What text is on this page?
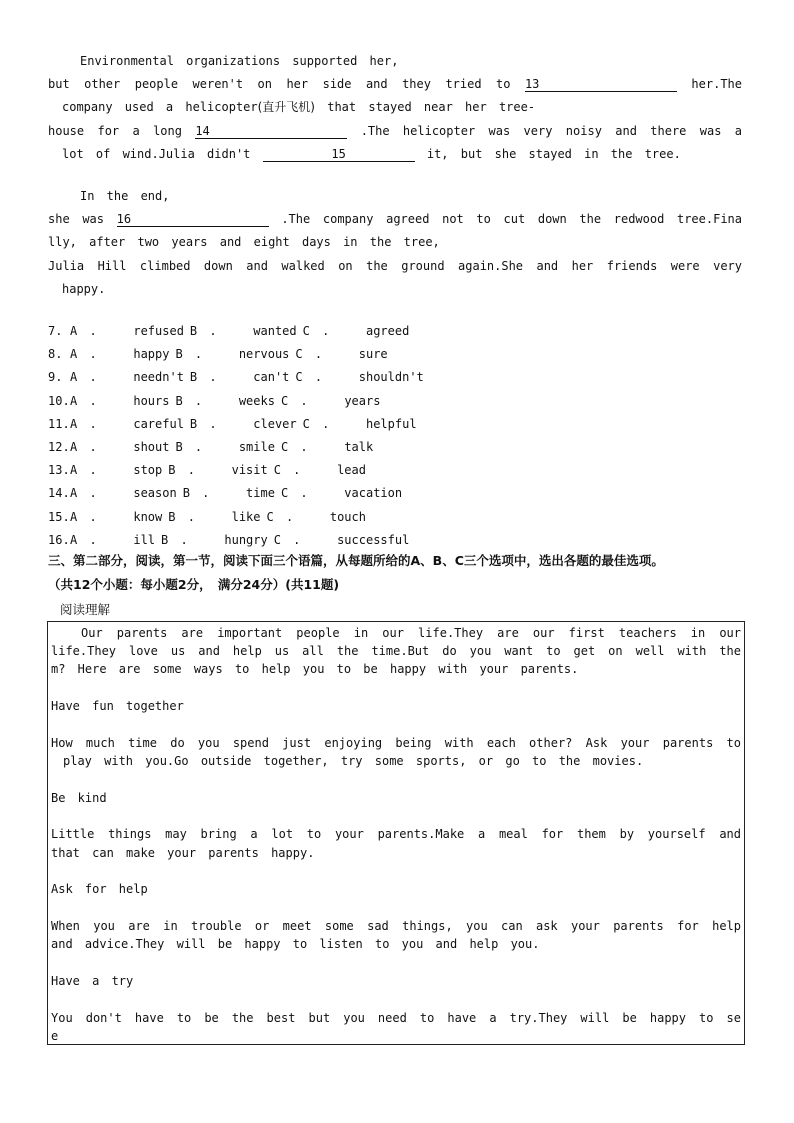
Environmental organizations supported her,
but other people weren't on her side and they tried to 13	her.The
company used a helicopter(直升飞机) that stayed near her tree-
house for a long 14	.The helicopter was very noisy and there was a
lot of wind.Julia didn't	15	it, but she stayed in the tree.
In the end,
she was 16	.The company agreed not to cut down the redwood tree.Fina
lly, after two years and eight days in the tree,
Julia Hill climbed down and walked on the ground again.She and her friends were very
happy.
7. A .   refused B .   wanted C .   agreed
8. A .   happy B .   nervous C .   sure
9. A .   needn't B .   can't C .   shouldn't
10.A .   hours B .   weeks C .   years
11.A .   careful B .   clever C .   helpful
12.A .   shout B .   smile C .   talk
13.A .   stop B .   visit C .   lead
14.A .   season B .   time C .   vacation
15.A .   know B .   like C .   touch
16.A .   ill B .   hungry C .   successful
三、第二部分，阅读，第一节，阅读下面三个语篇，从每题所给的A、B、C三个选项中，选出各题的最佳选项。
（共12个小题：每小题2分，　满分24分）(共11题)
阅读理解
Our parents are important people in our life.They are our first teachers in our
life.They love us and help us all the time.But do you want to get on well with the
m? Here are some ways to help you to be happy with your parents.
Have fun together
How much time do you spend just enjoying being with each other? Ask your parents to
play with you.Go outside together, try some sports, or go to the movies.
Be kind
Little things may bring a lot to your parents.Make a meal for them by yourself and
that can make your parents happy.
Ask for help
When you are in trouble or meet some sad things, you can ask your parents for help
and advice.They will be happy to listen to you and help you.
Have a try
You don't have to be the best but you need to have a try.They will be happy to se
e
